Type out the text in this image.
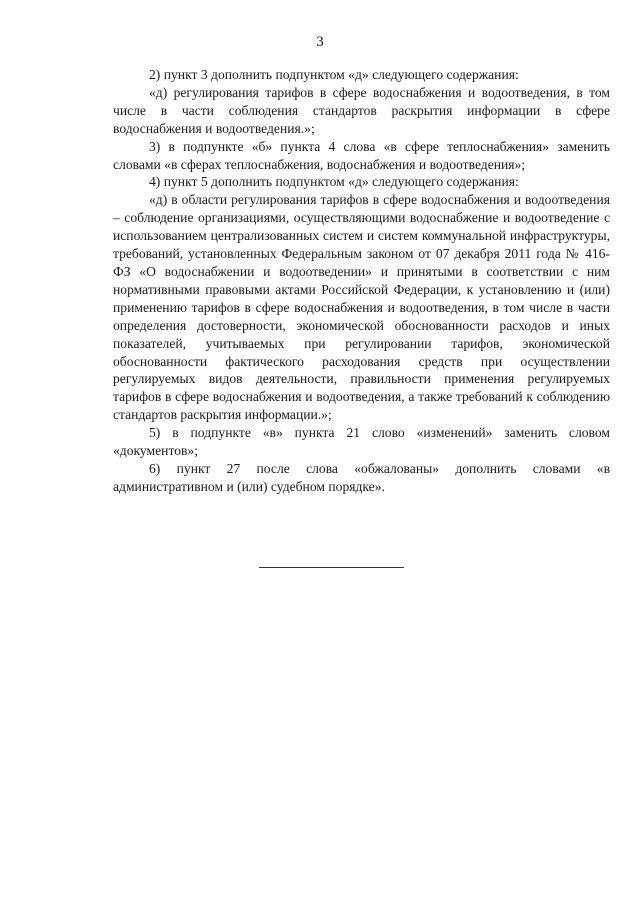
3

2) пункт 3 дополнить подпунктом «д» следующего содержания:

«д) регулирования тарифов в сфере водоснабжения и водоотведения, в том числе в части соблюдения стандартов раскрытия информации в сфере водоснабжения и водоотведения.»;

3) в подпункте «б» пункта 4 слова «в сфере теплоснабжения» заменить словами «в сферах теплоснабжения, водоснабжения и водоотведения»;

4) пункт 5 дополнить подпунктом «д» следующего содержания:

«д) в области регулирования тарифов в сфере водоснабжения и водоотведения – соблюдение организациями, осуществляющими водоснабжение и водоотведение с использованием централизованных систем и систем коммунальной инфраструктуры, требований, установленных Федеральным законом от 07 декабря 2011 года № 416-ФЗ «О водоснабжении и водоотведении» и принятыми в соответствии с ним нормативными правовыми актами Российской Федерации, к установлению и (или) применению тарифов в сфере водоснабжения и водоотведения, в том числе в части определения достоверности, экономической обоснованности расходов и иных показателей, учитываемых при регулировании тарифов, экономической обоснованности фактического расходования средств при осуществлении регулируемых видов деятельности, правильности применения регулируемых тарифов в сфере водоснабжения и водоотведения, а также требований к соблюдению стандартов раскрытия информации.»;

5) в подпункте «в» пункта 21 слово «изменений» заменить словом «документов»;

6) пункт 27 после слова «обжалованы» дополнить словами «в административном и (или) судебном порядке».
